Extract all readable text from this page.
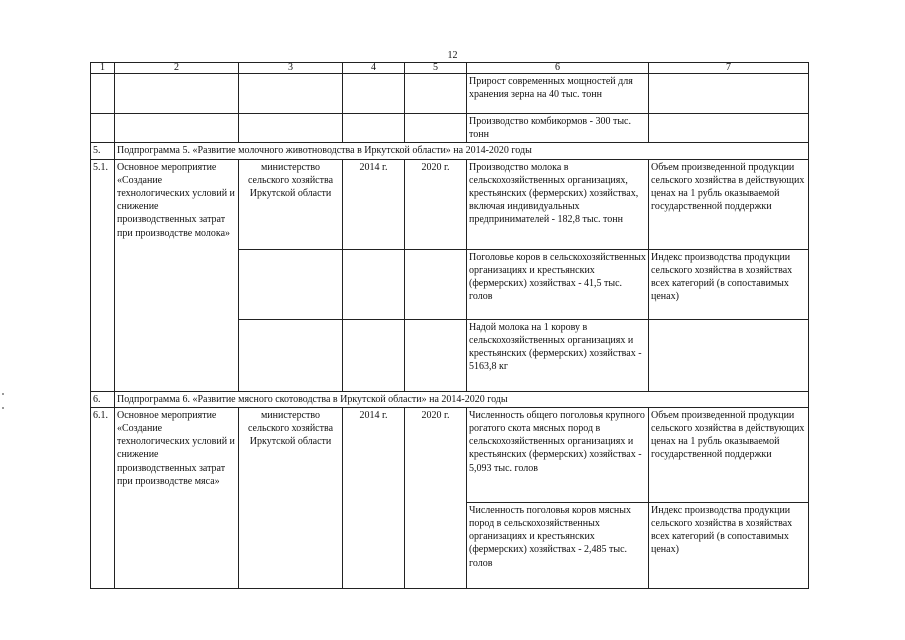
12
1	2	3	4	5	6	7
					Прирост современных мощностей для хранения зерна на 40 тыс. тонн	
					Производство комбикормов - 300 тыс. тонн	
5.	Подпрограмма 5. «Развитие молочного животноводства в Иркутской области» на 2014-2020 годы					
5.1.	Основное мероприятие «Создание технологических условий и снижение производственных затрат при производстве молока»	министерство сельского хозяйства Иркутской области	2014 г.	2020 г.	Производство молока в сельскохозяйственных организациях, крестьянских (фермерских) хозяйствах, включая индивидуальных предпринимателей - 182,8 тыс. тонн	Объем произведенной продукции сельского хозяйства в действующих ценах на 1 рубль оказываемой государственной поддержки
					Поголовье коров в сельскохозяйственных организациях и крестьянских (фермерских) хозяйствах - 41,5 тыс. голов	Индекс производства продукции сельского хозяйства в хозяйствах всех категорий (в сопоставимых ценах)
					Надой молока на 1 корову в сельскохозяйственных организациях и крестьянских (фермерских) хозяйствах - 5163,8 кг	
6.	Подпрограмма 6. «Развитие мясного скотоводства в Иркутской области» на 2014-2020 годы					
6.1.	Основное мероприятие «Создание технологических условий и снижение производственных затрат при производстве мяса»	министерство сельского хозяйства Иркутской области	2014 г.	2020 г.	Численность общего поголовья крупного рогатого скота мясных пород в сельскохозяйственных организациях и крестьянских (фермерских) хозяйствах - 5,093 тыс. голов	Объем произведенной продукции сельского хозяйства в действующих ценах на 1 рубль оказываемой государственной поддержки
					Численность поголовья коров мясных пород в сельскохозяйственных организациях и крестьянских (фермерских) хозяйствах - 2,485 тыс. голов	Индекс производства продукции сельского хозяйства в хозяйствах всех категорий (в сопоставимых ценах)
